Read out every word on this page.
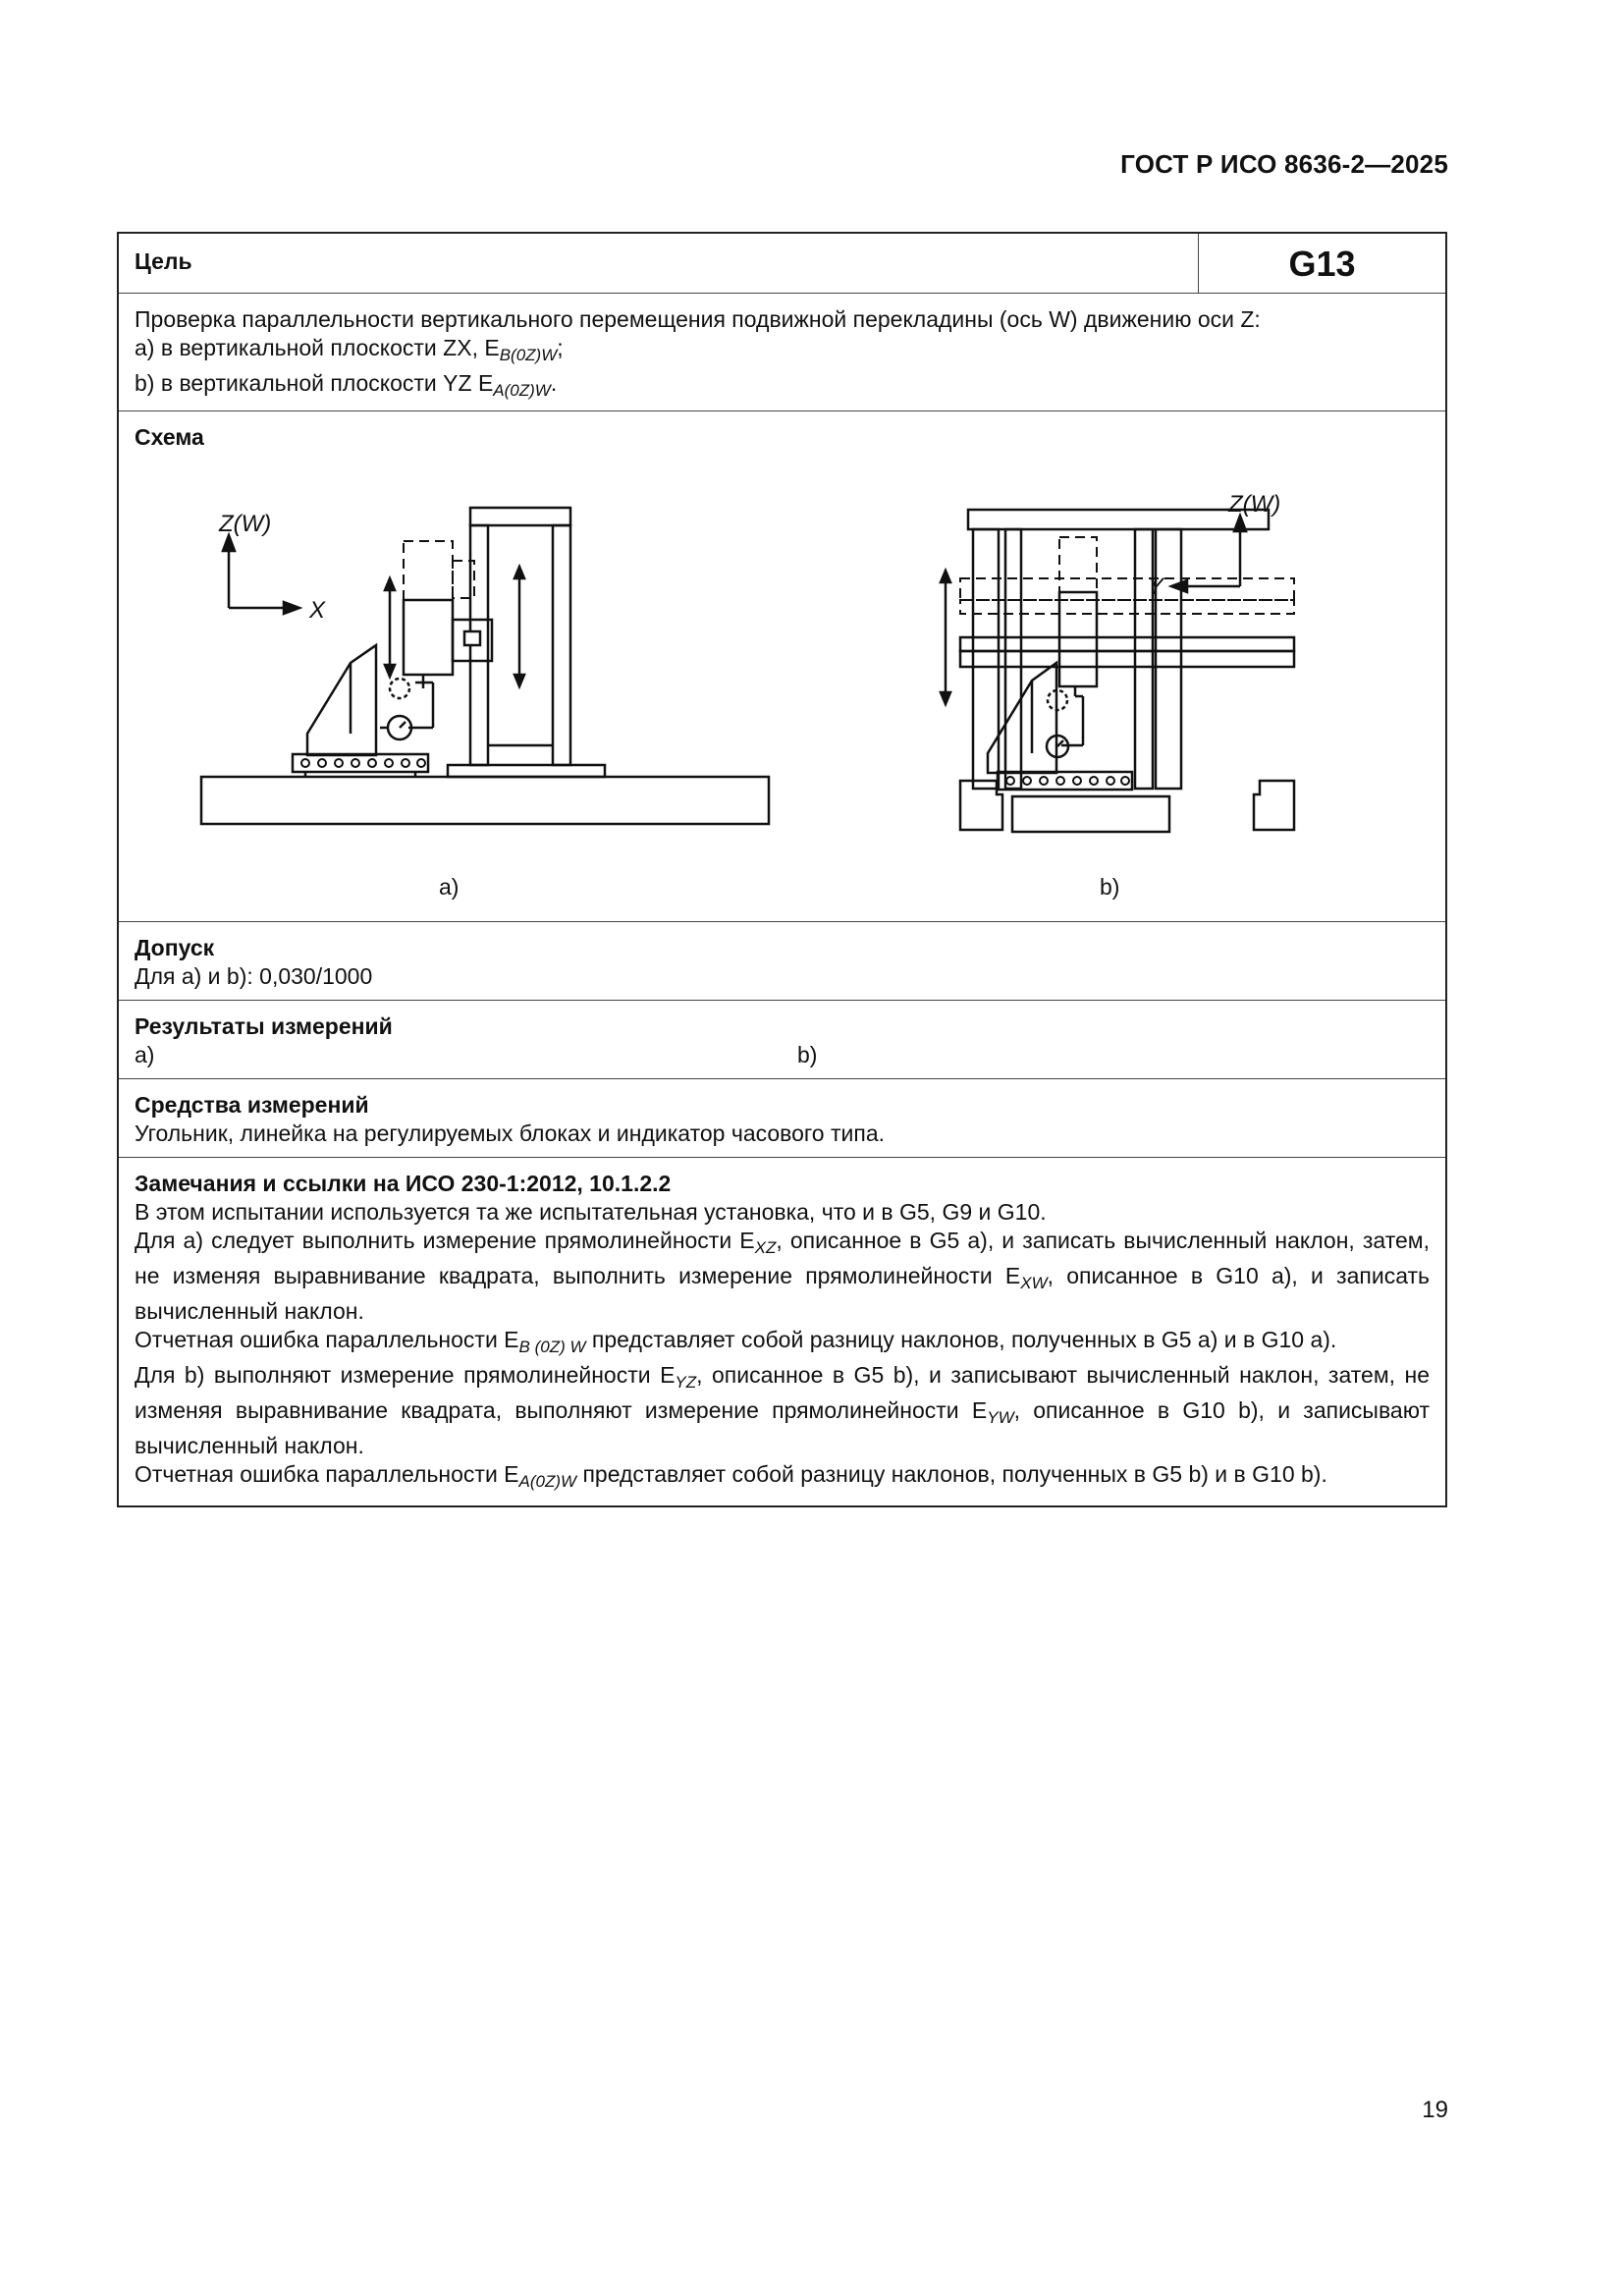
ГОСТ Р ИСО 8636-2—2025
Цель	G13
Проверка параллельности вертикального перемещения подвижной перекладины (ось W) движению оси Z:
a) в вертикальной плоскости ZX, $E_{B(0Z)W}$;
b) в вертикальной плоскости YZ $E_{A(0Z)W}$.
Схема
Z(W)
X
Z(W)
Y
a)	b)
Допуск
Для a) и b): 0,030/1000
Результаты измерений
a)	b)
Средства измерений
Угольник, линейка на регулируемых блоках и индикатор часового типа.
Замечания и ссылки на ИСО 230-1:2012, 10.1.2.2
В этом испытании используется та же испытательная установка, что и в G5, G9 и G10.
Для a) следует выполнить измерение прямолинейности $E_{XZ}$, описанное в G5 a), и записать вычисленный наклон, затем, не изменяя выравнивание квадрата, выполнить измерение прямолинейности $E_{XW}$, описанное в G10 a), и записать вычисленный наклон.
Отчетная ошибка параллельности $E_{B (0Z) W}$ представляет собой разницу наклонов, полученных в G5 a) и в G10 a).
Для b) выполняют измерение прямолинейности $E_{YZ}$, описанное в G5 b), и записывают вычисленный наклон, затем, не изменяя выравнивание квадрата, выполняют измерение прямолинейности $E_{YW}$, описанное в G10 b), и записывают вычисленный наклон.
Отчетная ошибка параллельности $E_{A(0Z)W}$ представляет собой разницу наклонов, полученных в G5 b) и в G10 b).
19
